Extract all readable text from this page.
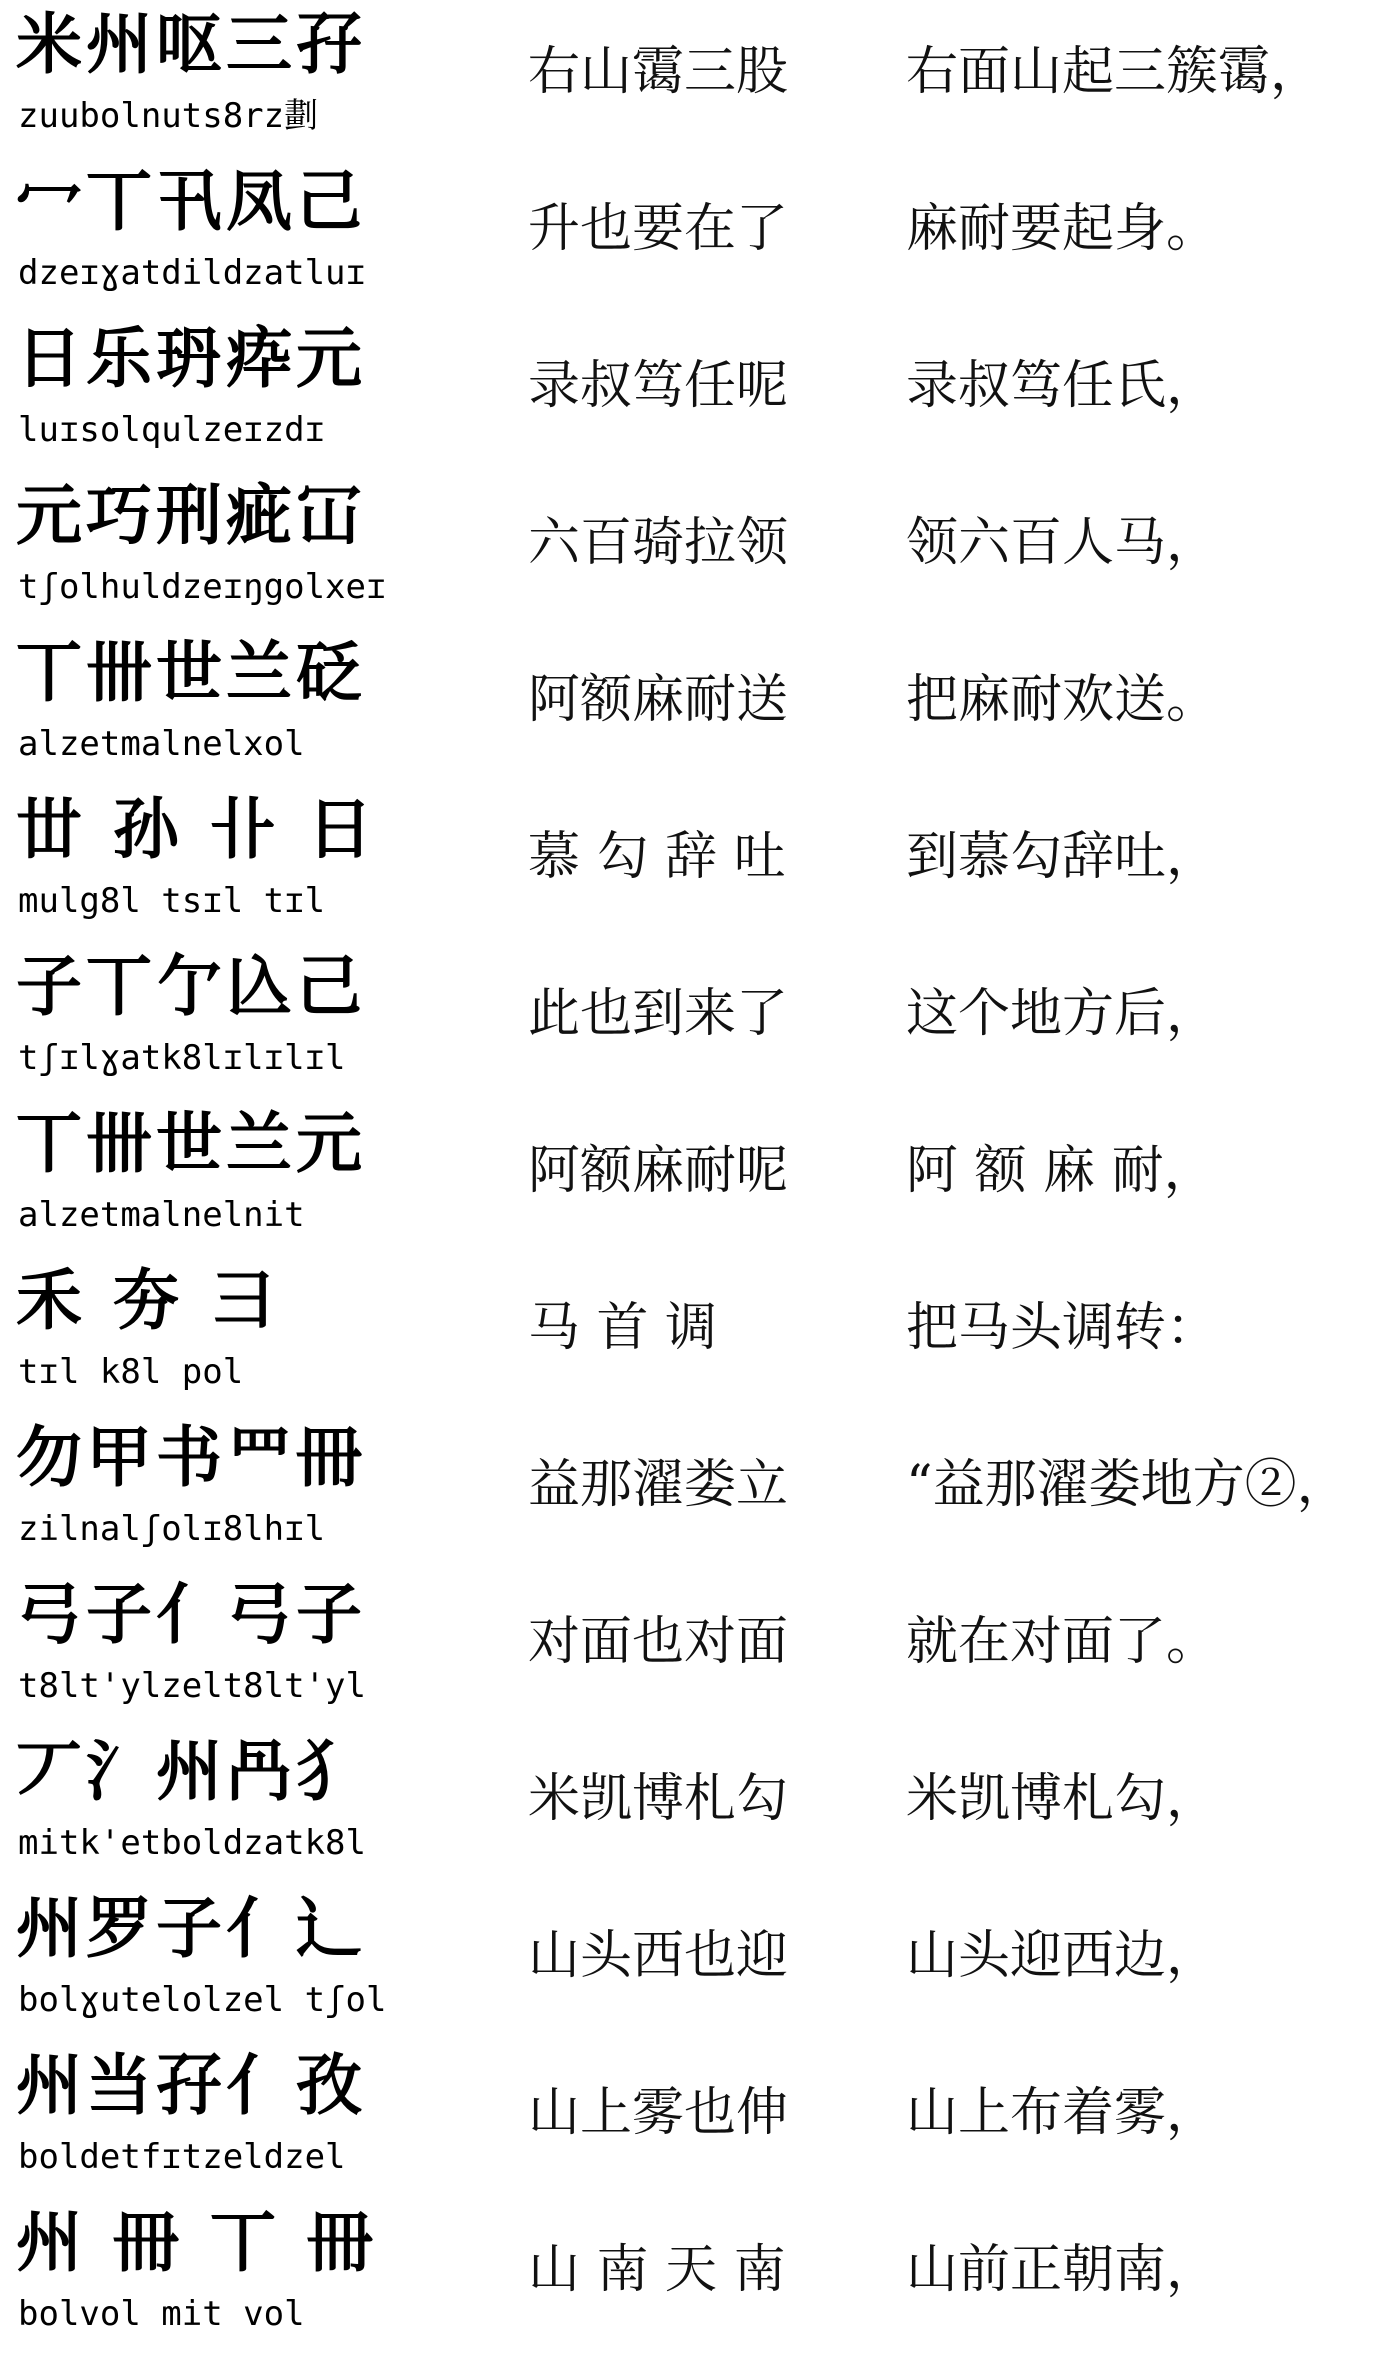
米州呕三孖
zuubolnuts8rz劃
右山霭三股	右面山起三簇霭，
冖丅卂凤己
dzeɪɣatdildzatluɪ
升也要在了	麻耐要起身。
日乐玬疩元
luɪsolqulzeɪzdɪ
录叔笃任呢	录叔笃任氏，
元巧刑疵冚
tʃolhuldzeɪŋgolxeɪ
六百骑拉领	领六百人马，
丅卌世兰砭
alzetmalnelxol
阿额麻耐送	把麻耐欢送。
丗 孙 卝 日
mulg8l tsɪl tɪl
慕 勾 辞 吐	到慕勾辞吐，
子丅亇兦己
tʃɪlɣatk8lɪlɪlɪl
此也到来了	这个地方后，
丅卌世兰元
alzetmalnelnit
阿额麻耐呢	阿 额 麻 耐，
禾 夯 彐
tɪl k8l pol
马 首 调	把马头调转：
勿甲书罒冊
zilnalʃolɪ8lhɪl
益那濯娄立	“益那濯娄地方②，
弓子亻弓子
t8lt'ylzelt8lt'yl
对面也对面	就在对面了。
丆氵州冎犭
mitk'etboldzatk8l
米凯博札勾	米凯博札勾，
州罗子亻辶
bolɣutelolzel tʃol
山头西也迎	山头迎西边，
州当孖亻孜
boldetfɪtzeldzel
山上雾也伸	山上布着雾，
州 冊 丅 冊
bolvol mit vol
山 南 天 南	山前正朝南，
